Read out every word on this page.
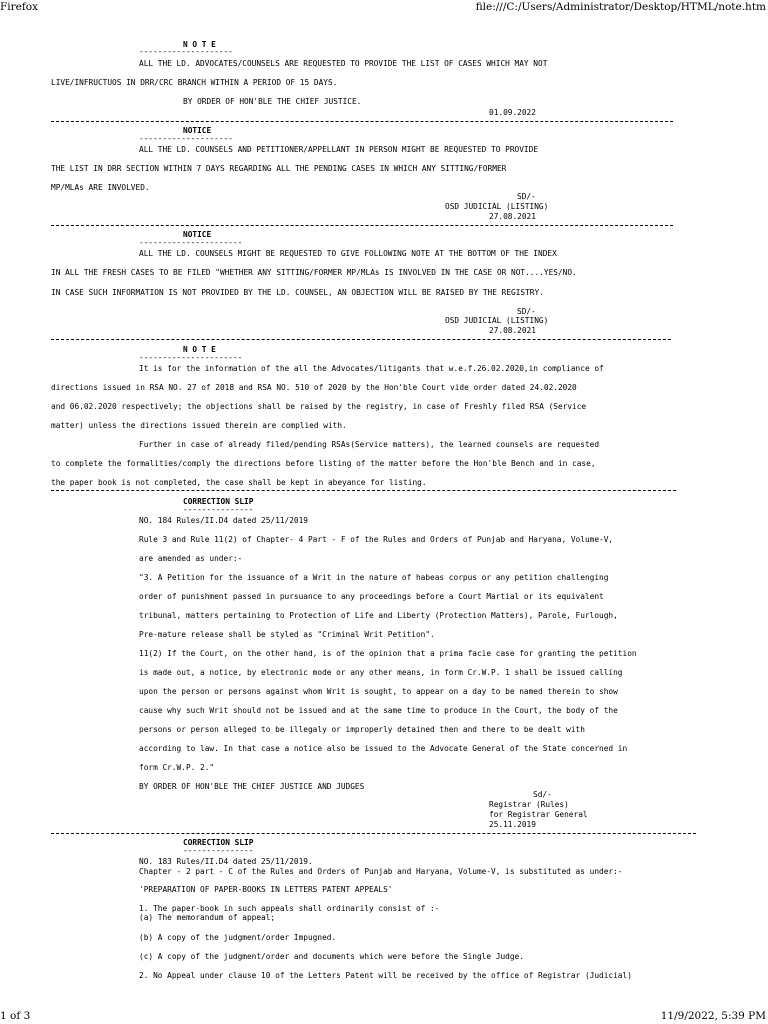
Firefox	file:///C:/Users/Administrator/Desktop/HTML/note.htm
N O T E
--------------------
ALL THE LD. ADVOCATES/COUNSELS ARE REQUESTED TO PROVIDE THE LIST OF CASES WHICH MAY NOT
LIVE/INFRUCTUOS IN DRR/CRC BRANCH WITHIN A PERIOD OF 15 DAYS.
BY ORDER OF HON'BLE THE CHIEF JUSTICE.
01.09.2022
NOTICE
--------------------
ALL THE LD. COUNSELS AND PETITIONER/APPELLANT IN PERSON MIGHT BE REQUESTED TO PROVIDE
THE LIST IN DRR SECTION WITHIN 7 DAYS REGARDING ALL THE PENDING CASES IN WHICH ANY SITTING/FORMER
MP/MLAs ARE INVOLVED.
SD/-
OSD JUDICIAL (LISTING)
27.08.2021
NOTICE
----------------------
ALL THE LD. COUNSELS MIGHT BE REQUESTED TO GIVE FOLLOWING NOTE AT THE BOTTOM OF THE INDEX
IN ALL THE FRESH CASES TO BE FILED "WHETHER ANY SITTING/FORMER MP/MLAs IS INVOLVED IN THE CASE OR NOT....YES/NO.
IN CASE SUCH INFORMATION IS NOT PROVIDED BY THE LD. COUNSEL, AN OBJECTION WILL BE RAISED BY THE REGISTRY.
SD/-
OSD JUDICIAL (LISTING)
27.08.2021
N O T E
----------------------
It is for the information of the all the Advocates/litigants that w.e.f.26.02.2020,in compliance of
directions issued in RSA NO. 27 of 2018 and RSA NO. 510 of 2020 by the Hon'ble Court vide order dated 24.02.2020
and 06.02.2020 respectively; the objections shall be raised by the registry, in case of Freshly filed RSA (Service
matter) unless the directions issued therein are complied with.
Further in case of already filed/pending RSAs(Service matters), the learned counsels are requested
to complete the formalities/comply the directions before listing of the matter before the Hon'ble Bench and in case,
the paper book is not completed, the case shall be kept in abeyance for listing.
CORRECTION SLIP
---------------
NO. 184 Rules/II.D4 dated 25/11/2019
Rule 3 and Rule 11(2) of Chapter- 4 Part - F of the Rules and Orders of Punjab and Haryana, Volume-V,
are amended as under:-
"3. A Petition for the issuance of a Writ in the nature of habeas corpus or any petition challenging
order of punishment passed in pursuance to any proceedings before a Court Martial or its equivalent
tribunal, matters pertaining to Protection of Life and Liberty (Protection Matters), Parole, Furlough,
Pre-mature release shall be styled as "Criminal Writ Petition".
11(2) If the Court, on the other hand, is of the opinion that a prima facie case for granting the petition
is made out, a notice, by electronic mode or any other means, in form Cr.W.P. 1 shall be issued calling
upon the person or persons against whom Writ is sought, to appear on a day to be named therein to show
cause why such Writ should not be issued and at the same time to produce in the Court, the body of the
persons or person alleged to be illegaly or improperly detained then and there to be dealt with
according to law. In that case a notice also be issued to the Advocate General of the State concerned in
form Cr.W.P. 2."
BY ORDER OF HON'BLE THE CHIEF JUSTICE AND JUDGES
Sd/-
Registrar (Rules)
for Registrar General
25.11.2019
CORRECTION SLIP
---------------
NO. 183 Rules/II.D4 dated 25/11/2019.
Chapter - 2 part - C of the Rules and Orders of Punjab and Haryana, Volume-V, is substituted as under:-
'PREPARATION OF PAPER-BOOKS IN LETTERS PATENT APPEALS'
1. The paper-book in such appeals shall ordinarily consist of :-
(a) The memorandum of appeal;
(b) A copy of the judgment/order Impugned.
(c) A copy of the judgment/order and documents which were before the Single Judge.
2. No Appeal under clause 10 of the Letters Patent will be received by the office of Registrar (Judicial)
1 of 3	11/9/2022, 5:39 PM
